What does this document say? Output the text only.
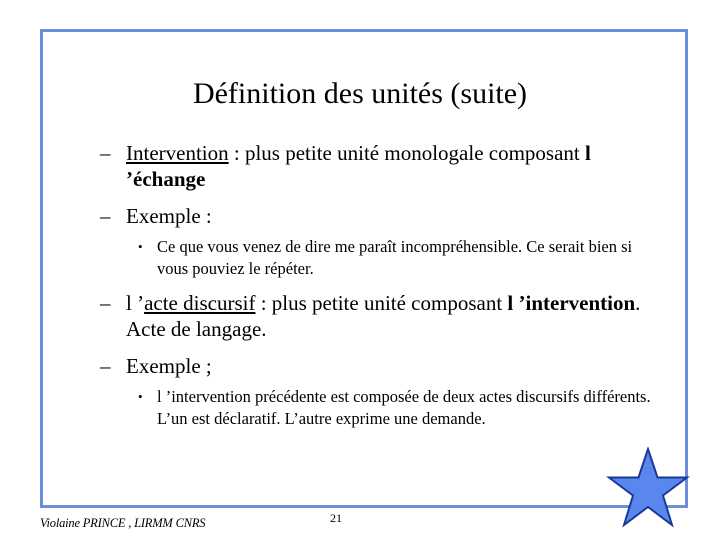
Définition des unités (suite)
– Intervention : plus petite unité monologale composant l ’échange
– Exemple :
• Ce que vous venez de dire me paraît incompréhensible. Ce serait bien si vous pouviez le répéter.
– l ’acte discursif : plus petite unité composant l ’intervention. Acte de langage.
– Exemple ;
• l ’intervention précédente est composée de deux actes discursifs différents. L’un est déclaratif. L’autre exprime une demande.
Violaine PRINCE , LIRMM CNRS	21
